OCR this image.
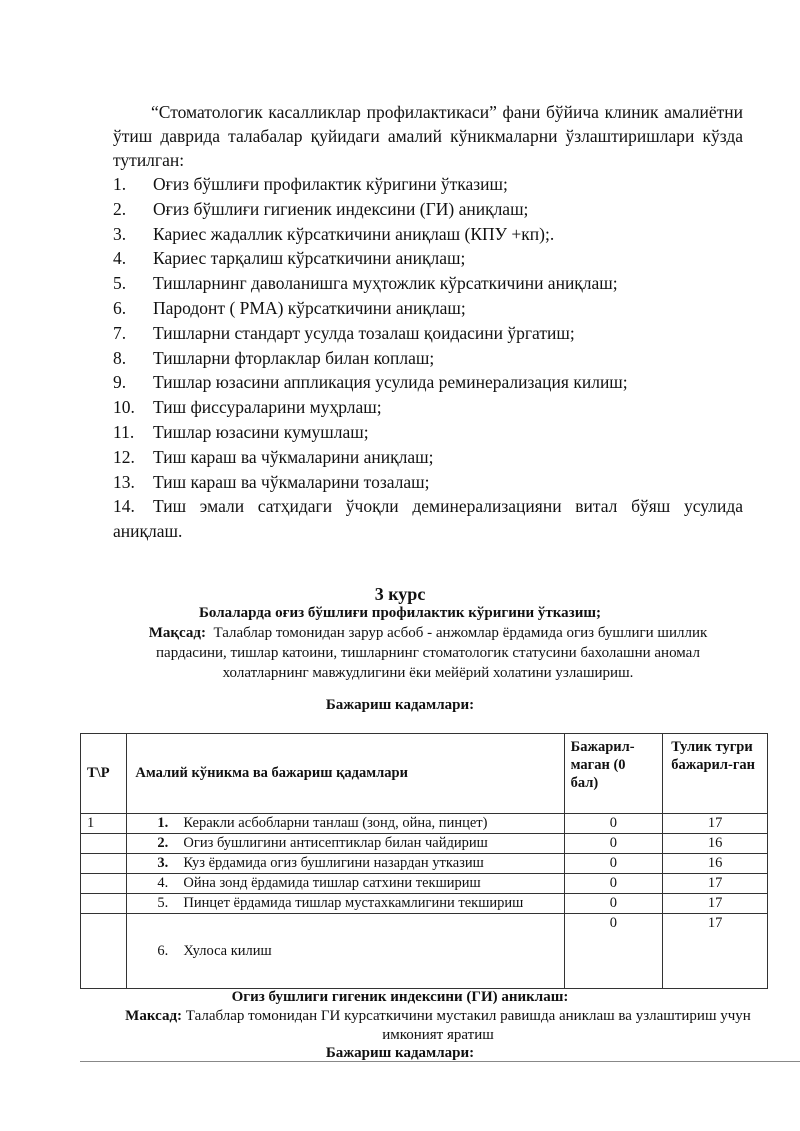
“Стоматологик касалликлар профилактикаси” фани бўйича клиник амалиётни ўтиш даврида талабалар қуйидаги амалий кўникмаларни ўзлаштиришлари кўзда тутилган:

1.	Оғиз бўшлиғи профилактик кўригини ўтказиш;
2.	Оғиз бўшлиғи гигиеник индексини (ГИ) аниқлаш;
3.	Кариес жадаллик кўрсаткичини аниқлаш (КПУ +кп);.
4.	Кариес тарқалиш кўрсаткичини аниқлаш;
5.	Тишларнинг даволанишга муҳтожлик кўрсаткичини аниқлаш;
6.	Пародонт ( РМА) кўрсаткичини аниқлаш;
7.	Тишларни стандарт усулда тозалаш қоидасини ўргатиш;
8.	Тишларни фторлаклар билан коплаш;
9.	Тишлар юзасини аппликация усулида реминерализация килиш;
10.	Тиш фиссураларини муҳрлаш;
11.	Тишлар юзасини кумушлаш;
12.	Тиш караш ва чўкмаларини аниқлаш;
13.	Тиш караш ва чўкмаларини тозалаш;
14. Тиш эмали сатҳидаги ўчоқли деминерализацияни витал бўяш усулида аниқлаш.
3 курс
Болаларда оғиз бўшлиғи профилактик кўригини ўтказиш;
Мақсад: Талаблар томонидан зарур асбоб - анжомлар ёрдамида огиз бушлиги шиллик пардасини, тишлар катоини, тишларнинг стоматологик статусини бахолашни аномал холатларнинг мавжудлигини ёки мейёрий холатини узлашириш.
Бажариш кадамлари:
Т\Р	Амалий кўникма ва бажариш қадамлари	Бажарил-маган (0 бал)	Тулик тугри бажарил-ган
1	1. Керакли асбобларни танлаш (зонд, ойна, пинцет)	0	17
	2. Огиз бушлигини антисептиклар билан чайдириш	0	16
	3. Куз ёрдамида огиз бушлигини назардан утказиш	0	16
	4. Ойна зонд ёрдамида тишлар сатхини текшириш	0	17
	5. Пинцет ёрдамида тишлар мустахкамлигини текшириш	0	17
	6. Хулоса килиш	0	17
Огиз бушлиги гигеник индексини (ГИ) аниклаш:
Максад: Талаблар томонидан ГИ курсаткичини мустакил равишда аниклаш ва узлаштириш учун имконият яратиш
Бажариш кадамлари:
